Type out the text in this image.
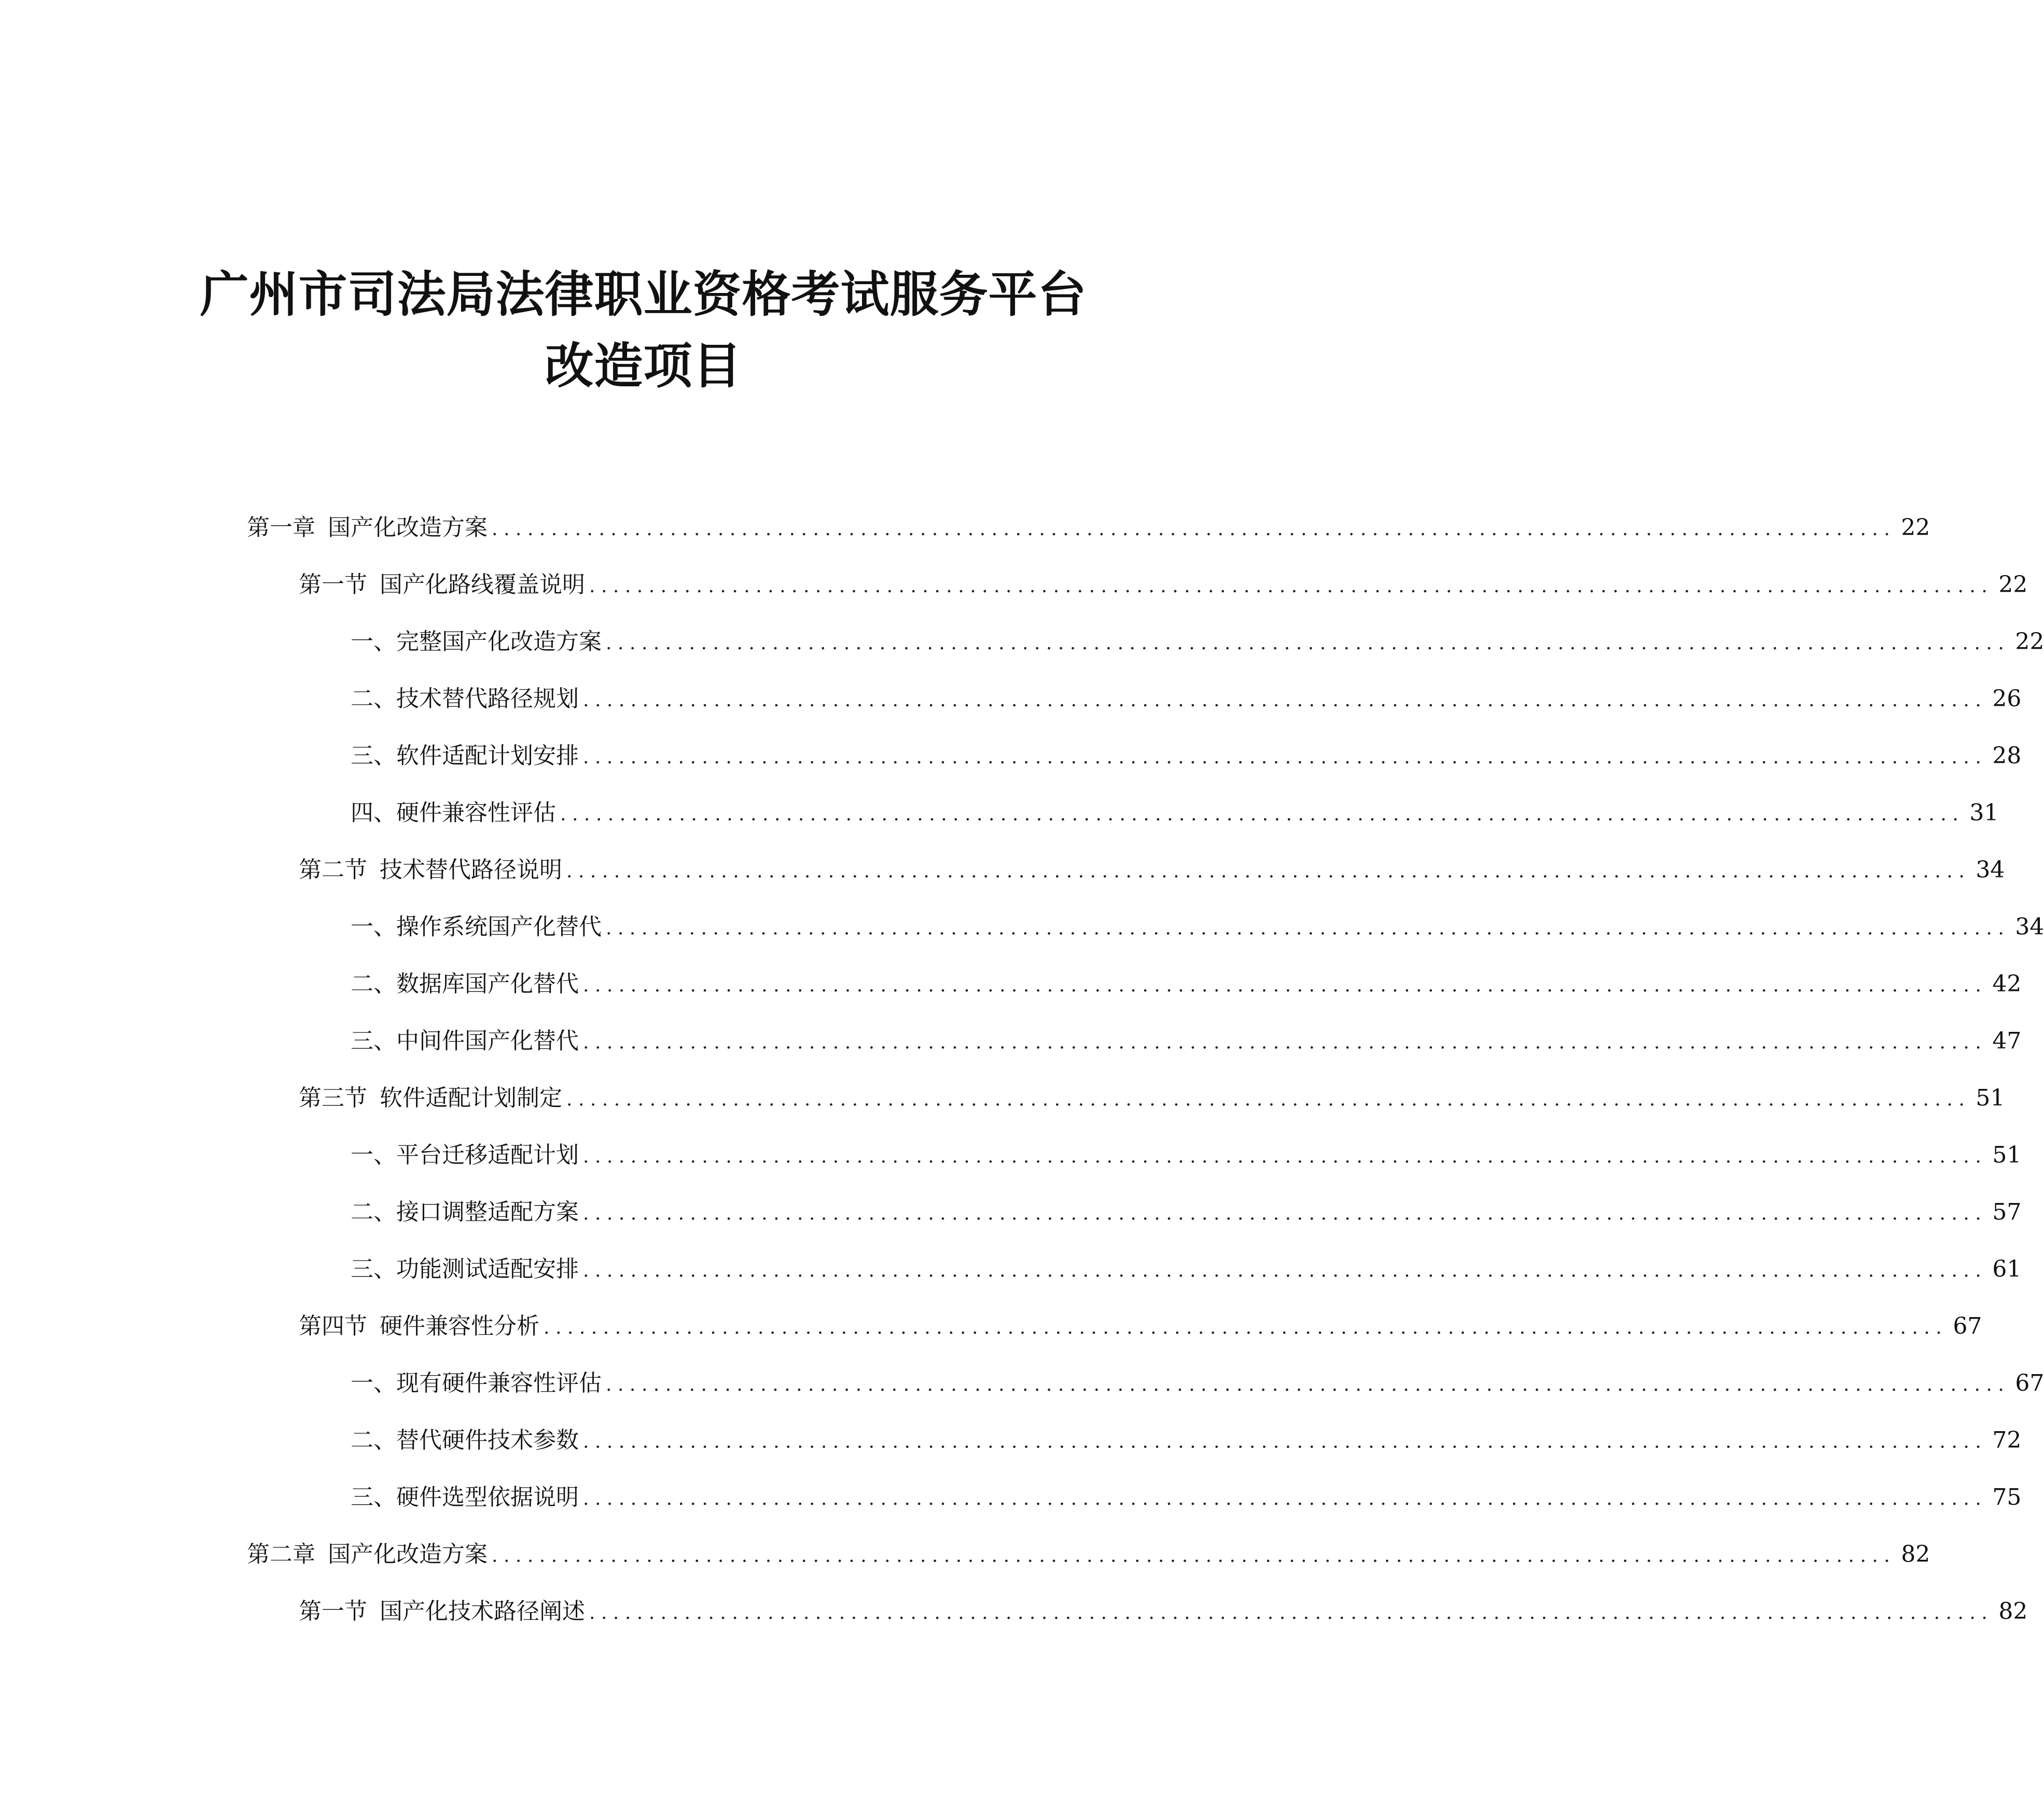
广州市司法局法律职业资格考试服务平台
改造项目
第一章 国产化改造方案 ...................................................................................................................... 22
第一节 国产化路线覆盖说明 ...................................................................................................................... 22
一、 完整国产化改造方案 ...................................................................................................................... 22
二、 技术替代路径规划 ...................................................................................................................... 26
三、 软件适配计划安排 ...................................................................................................................... 28
四、 硬件兼容性评估 ...................................................................................................................... 31
第二节 技术替代路径说明 ...................................................................................................................... 34
一、 操作系统国产化替代 ...................................................................................................................... 34
二、 数据库国产化替代 ...................................................................................................................... 42
三、 中间件国产化替代 ...................................................................................................................... 47
第三节 软件适配计划制定 ...................................................................................................................... 51
一、 平台迁移适配计划 ...................................................................................................................... 51
二、 接口调整适配方案 ...................................................................................................................... 57
三、 功能测试适配安排 ...................................................................................................................... 61
第四节 硬件兼容性分析 ...................................................................................................................... 67
一、 现有硬件兼容性评估 ...................................................................................................................... 67
二、 替代硬件技术参数 ...................................................................................................................... 72
三、 硬件选型依据说明 ...................................................................................................................... 75
第二章 国产化改造方案 ...................................................................................................................... 82
第一节 国产化技术路径阐述 ...................................................................................................................... 82
